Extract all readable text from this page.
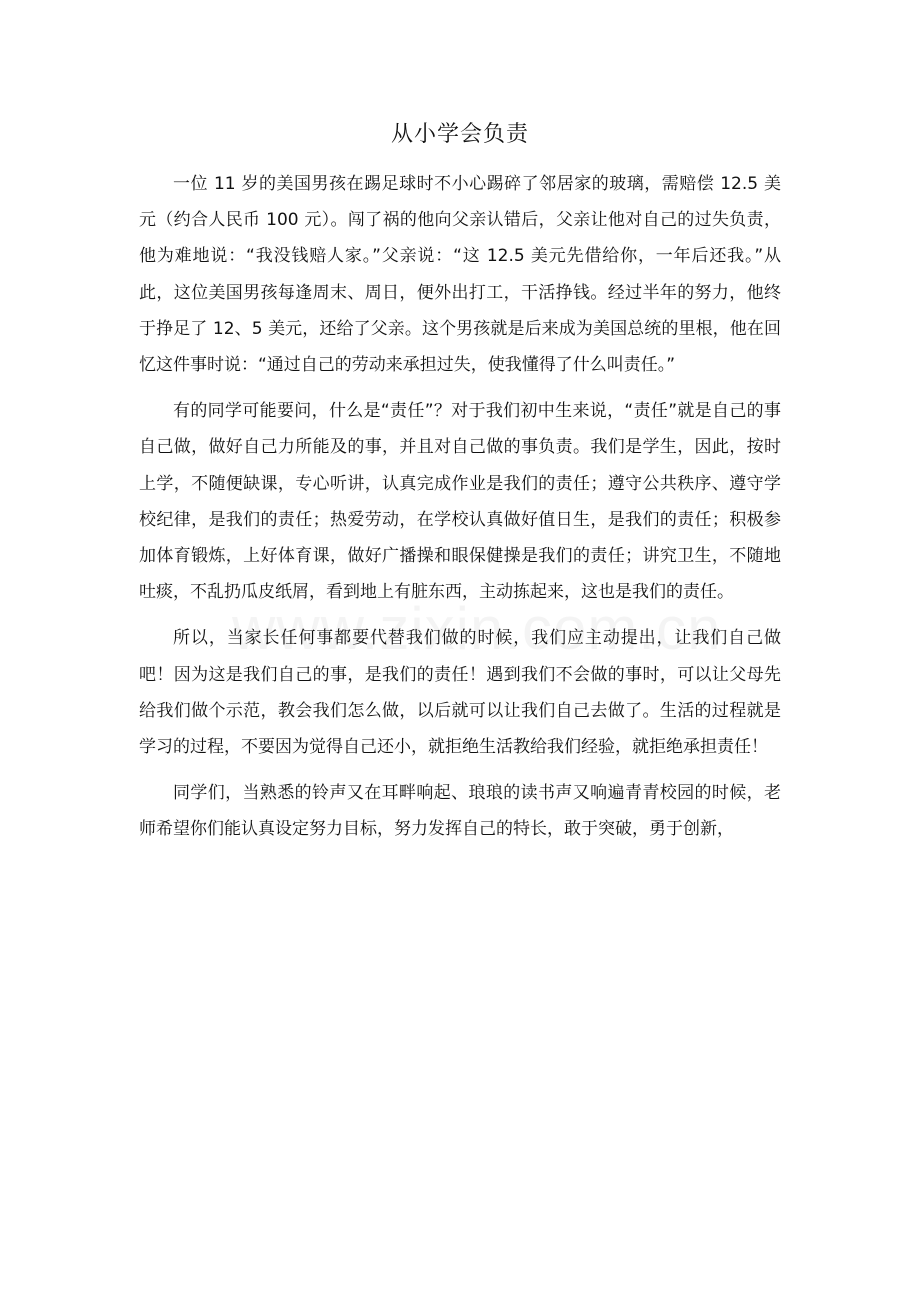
从小学会负责

一位 11 岁的美国男孩在踢足球时不小心踢碎了邻居家的玻璃，需赔偿 12.5 美元（约合人民币 100 元）。闯了祸的他向父亲认错后，父亲让他对自己的过失负责，他为难地说：“我没钱赔人家。”父亲说：“这 12.5 美元先借给你，一年后还我。”从此，这位美国男孩每逢周末、周日，便外出打工，干活挣钱。经过半年的努力，他终于挣足了 12、5 美元，还给了父亲。这个男孩就是后来成为美国总统的里根，他在回忆这件事时说：“通过自己的劳动来承担过失，使我懂得了什么叫责任。”

有的同学可能要问，什么是“责任”？对于我们初中生来说，“责任”就是自己的事自己做，做好自己力所能及的事，并且对自己做的事负责。我们是学生，因此，按时上学，不随便缺课，专心听讲，认真完成作业是我们的责任；遵守公共秩序、遵守学校纪律，是我们的责任；热爱劳动，在学校认真做好值日生，是我们的责任；积极参加体育锻炼，上好体育课，做好广播操和眼保健操是我们的责任；讲究卫生，不随地吐痰，不乱扔瓜皮纸屑，看到地上有脏东西，主动拣起来，这也是我们的责任。

所以，当家长任何事都要代替我们做的时候，我们应主动提出，让我们自己做吧！因为这是我们自己的事，是我们的责任！遇到我们不会做的事时，可以让父母先给我们做个示范，教会我们怎么做，以后就可以让我们自己去做了。生活的过程就是学习的过程，不要因为觉得自己还小，就拒绝生活教给我们经验，就拒绝承担责任！

同学们，当熟悉的铃声又在耳畔响起、琅琅的读书声又响遍青青校园的时候，老师希望你们能认真设定努力目标，努力发挥自己的特长，敢于突破，勇于创新，
